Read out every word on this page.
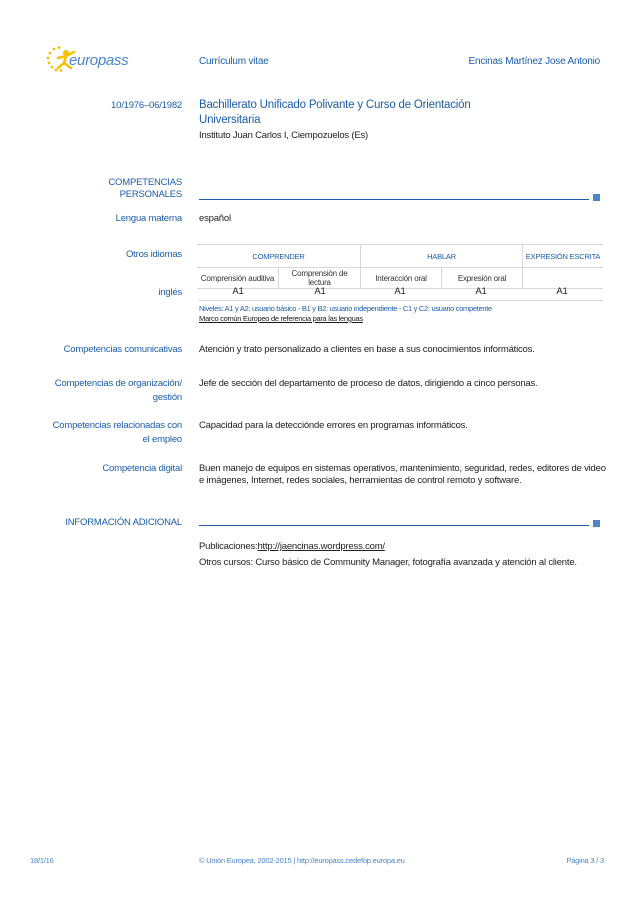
europass	Currículum vitae	Encinas Martínez Jose Antonio
10/1976–06/1982 Bachillerato Unificado Polivante y Curso de Orientación
Universitaria
Instituto Juan Carlos I, Ciempozuelos (Es)
COMPETENCIAS
PERSONALES
Lengua materna español
Otros idiomas	COMPRENDER		HABLAR		EXPRESIÓN ESCRITA
Comprensión auditiva	Comprensión de
lectura	Interacción oral	Expresión oral	
inglés	A1	A1	A1	A1	A1
Niveles: A1 y A2: usuario básico - B1 y B2: usuario independiente - C1 y C2: usuario competente
Marco común Europeo de referencia para las lenguas
Competencias comunicativas Atención y trato personalizado a clientes en base a sus conocimientos informáticos.
Competencias de organización/
gestión
Jefe de sección del departamento de proceso de datos, dirigiendo a cinco personas.
Competencias relacionadas con
el empleo
Capacidad para la detecciónde errores en programas informáticos.
Competencia digital Buen manejo de equipos en sistemas operativos, mantenimiento, seguridad, redes, editores de video
e imágenes, Internet, redes sociales, herramientas de control remoto y software.
INFORMACIÓN ADICIONAL
Publicaciones:http://jaencinas.wordpress.com/
Otros cursos: Curso básico de Community Manager, fotografía avanzada y atención al cliente.
18/1/16	© Unión Europea, 2002-2015 | http://europass.cedefop.europa.eu	Página 3 / 3
